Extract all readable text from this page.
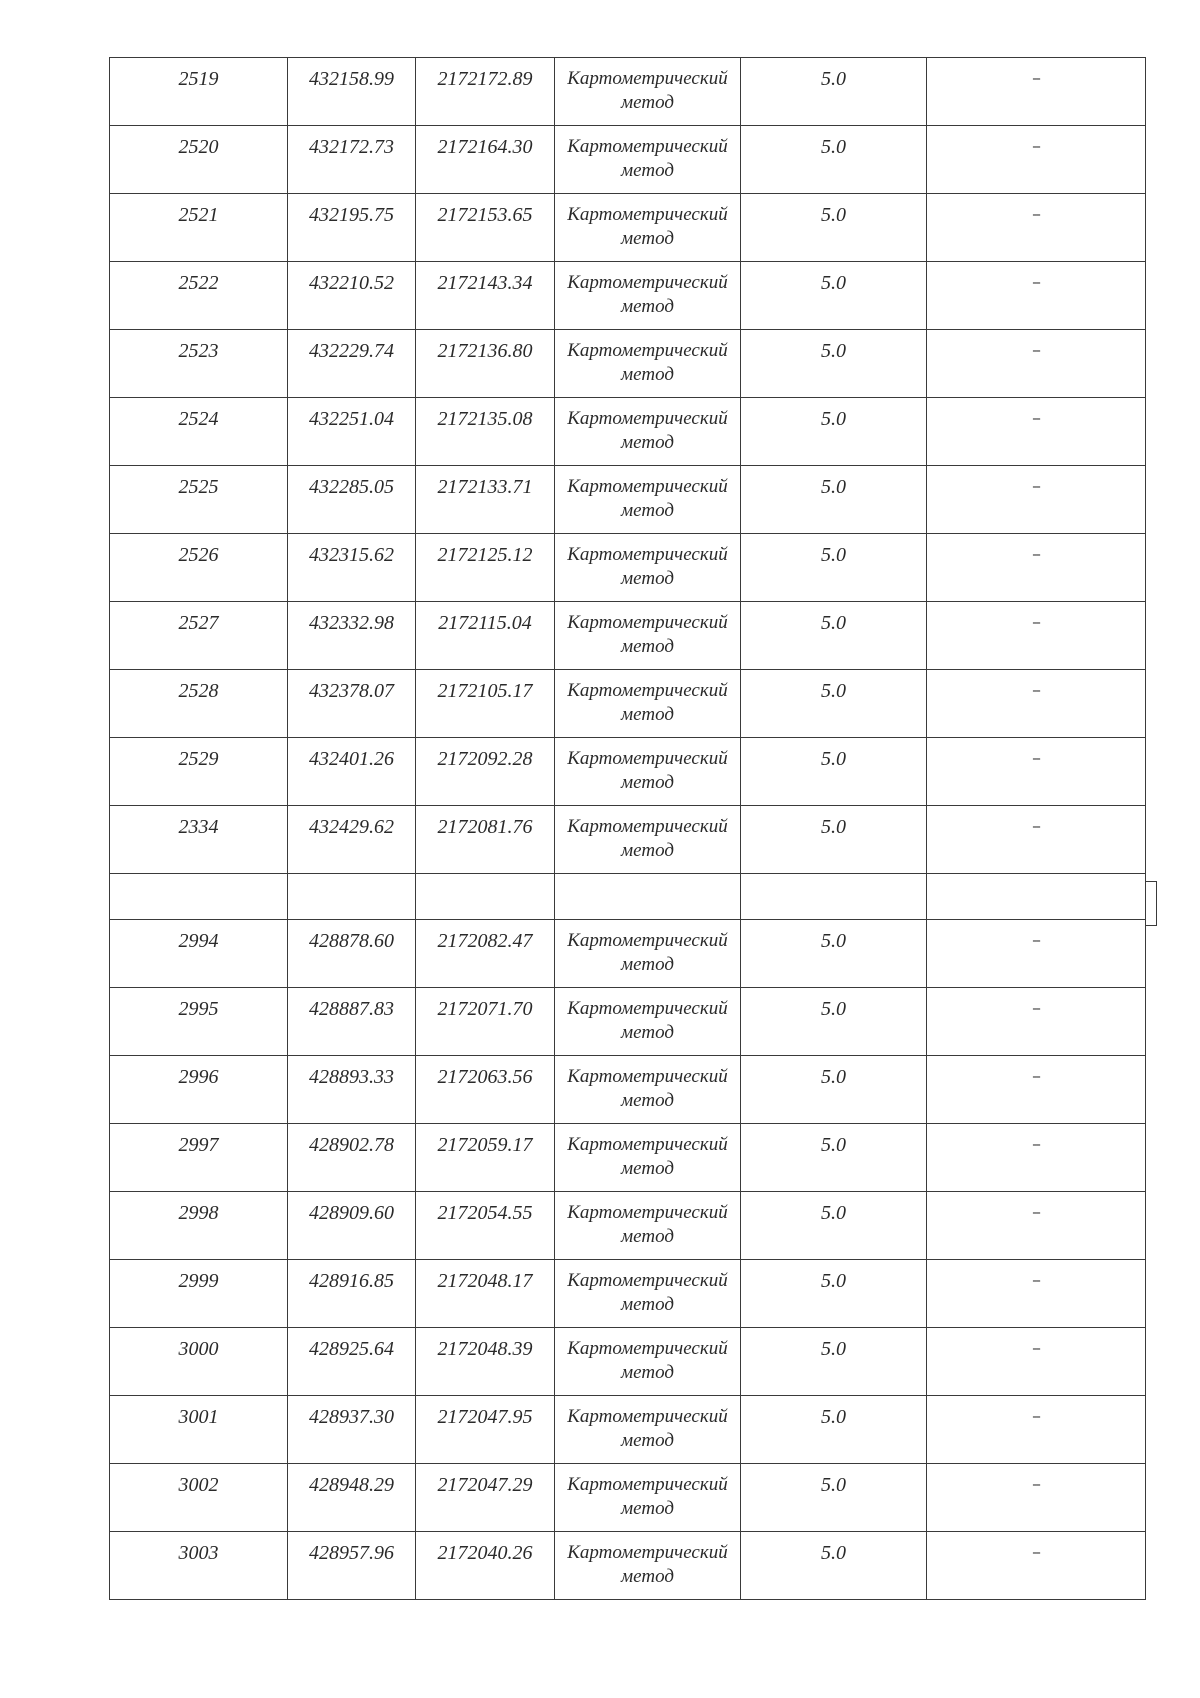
2519	432158.99	2172172.89	Картометрический
метод	5.0	--
2520	432172.73	2172164.30	Картометрический
метод	5.0	--
2521	432195.75	2172153.65	Картометрический
метод	5.0	--
2522	432210.52	2172143.34	Картометрический
метод	5.0	--
2523	432229.74	2172136.80	Картометрический
метод	5.0	--
2524	432251.04	2172135.08	Картометрический
метод	5.0	--
2525	432285.05	2172133.71	Картометрический
метод	5.0	--
2526	432315.62	2172125.12	Картометрический
метод	5.0	--
2527	432332.98	2172115.04	Картометрический
метод	5.0	--
2528	432378.07	2172105.17	Картометрический
метод	5.0	--
2529	432401.26	2172092.28	Картометрический
метод	5.0	--
2334	432429.62	2172081.76	Картометрический
метод	5.0	--

2994	428878.60	2172082.47	Картометрический
метод	5.0	--
2995	428887.83	2172071.70	Картометрический
метод	5.0	--
2996	428893.33	2172063.56	Картометрический
метод	5.0	--
2997	428902.78	2172059.17	Картометрический
метод	5.0	--
2998	428909.60	2172054.55	Картометрический
метод	5.0	--
2999	428916.85	2172048.17	Картометрический
метод	5.0	--
3000	428925.64	2172048.39	Картометрический
метод	5.0	--
3001	428937.30	2172047.95	Картометрический
метод	5.0	--
3002	428948.29	2172047.29	Картометрический
метод	5.0	--
3003	428957.96	2172040.26	Картометрический
метод	5.0	--
